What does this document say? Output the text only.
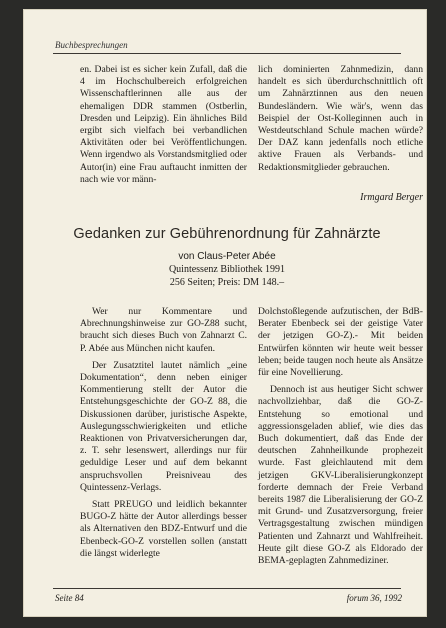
Buchbesprechungen

en. Dabei ist es sicher kein Zufall, daß die 4 im Hochschulbereich erfolgreichen Wissenschaftlerinnen alle aus der ehemaligen DDR stammen (Ostberlin, Dresden und Leipzig). Ein ähnliches Bild ergibt sich vielfach bei verbandlichen Aktivitäten oder bei Veröffentlichungen. Wenn irgendwo als Vorstandsmitglied oder Autor(in) eine Frau auftaucht inmitten der nach wie vor männ-

lich dominierten Zahnmedizin, dann handelt es sich überdurchschnittlich oft um Zahnärztinnen aus den neuen Bundesländern. Wie wär's, wenn das Beispiel der Ost-Kolleginnen auch in Westdeutschland Schule machen würde? Der DAZ kann jedenfalls noch etliche aktive Frauen als Verbands- und Redaktionsmitglieder gebrauchen.

Irmgard Berger
Gedanken zur Gebührenordnung für Zahnärzte
von Claus-Peter Abée
Quintessenz Bibliothek 1991
256 Seiten; Preis: DM 148.–

Wer nur Kommentare und Abrechnungshinweise zur GO-Z88 sucht, braucht sich dieses Buch von Zahnarzt C. P. Abée aus München nicht kaufen.

Der Zusatztitel lautet nämlich „eine Dokumentation“, denn neben einiger Kommentierung stellt der Autor die Entstehungsgeschichte der GO-Z 88, die Diskussionen darüber, juristische Aspekte, Auslegungsschwierigkeiten und etliche Reaktionen von Privatversicherungen dar, z. T. sehr lesenswert, allerdings nur für geduldige Leser und auf dem bekannt anspruchsvollen Preisniveau des Quintessenz-Verlags.

Statt PREUGO und leidlich bekannter BUGO-Z hätte der Autor allerdings besser als Alternativen den BDZ-Entwurf und die Ebenbeck-GO-Z vorstellen sollen (anstatt die längst widerlegte

Dolchstoßlegende aufzutischen, der BdB-Berater Ebenbeck sei der geistige Vater der jetzigen GO-Z).- Mit beiden Entwürfen könnten wir heute weit besser leben; beide taugen noch heute als Ansätze für eine Novellierung.

Dennoch ist aus heutiger Sicht schwer nachvollziehbar, daß die GO-Z-Entstehung so emotional und aggressionsgeladen ablief, wie dies das Buch dokumentiert, daß das Ende der deutschen Zahnheilkunde prophezeit wurde. Fast gleichlautend mit dem jetzigen GKV-Liberalisierungkonzept forderte demnach der Freie Verband bereits 1987 die Liberalisierung der GO-Z mit Grund- und Zusatzversorgung, freier Vertragsgestaltung zwischen mündigen Patienten und Zahnarzt und Wahlfreiheit. Heute gilt diese GO-Z als Eldorado der BEMA-geplagten Zahnmediziner.

Seite 84	forum 36, 1992
